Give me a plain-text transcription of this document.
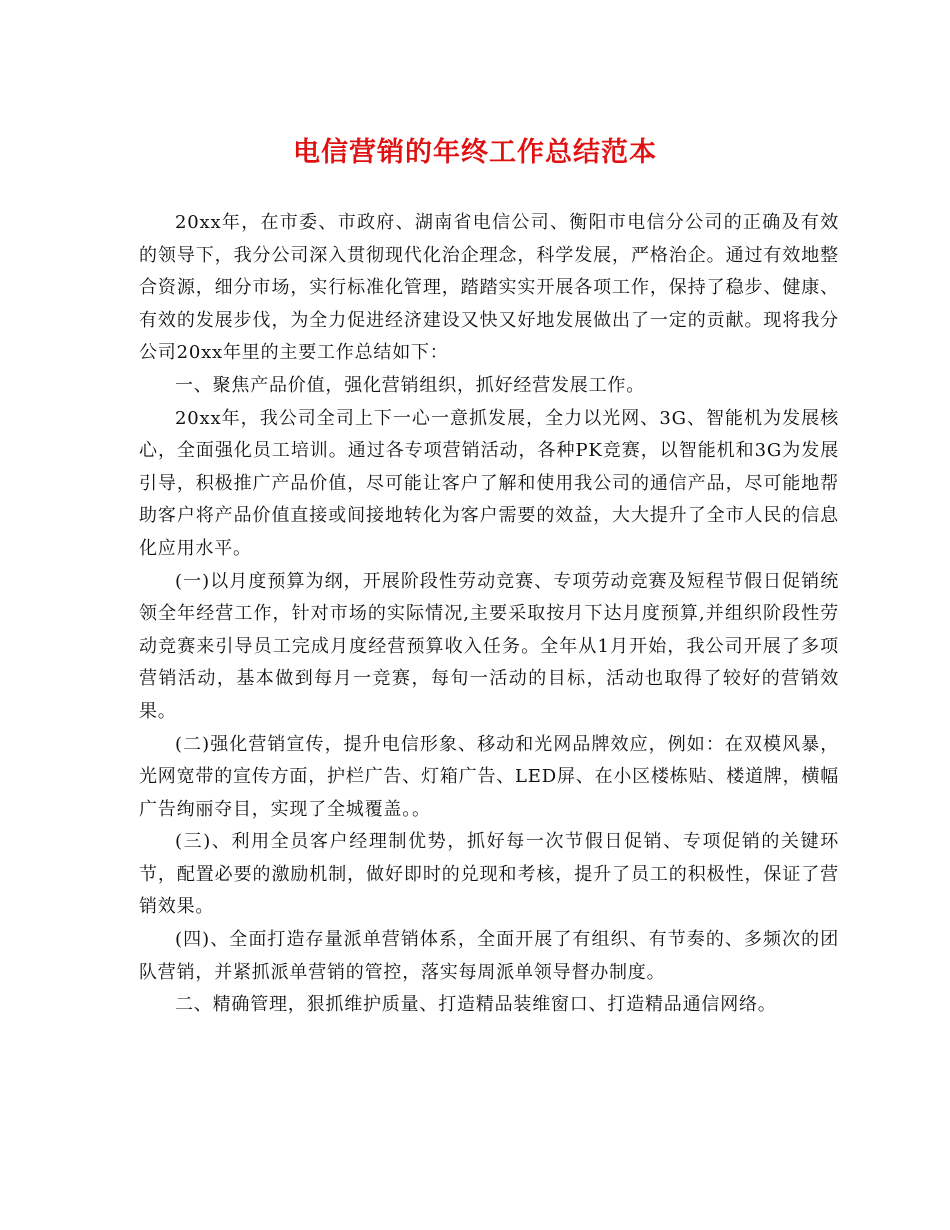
电信营销的年终工作总结范本

20xx年，在市委、市政府、湖南省电信公司、衡阳市电信分公司的正确及有效的领导下，我分公司深入贯彻现代化治企理念，科学发展，严格治企。通过有效地整合资源，细分市场，实行标准化管理，踏踏实实开展各项工作，保持了稳步、健康、有效的发展步伐，为全力促进经济建设又快又好地发展做出了一定的贡献。现将我分公司20xx年里的主要工作总结如下：

一、聚焦产品价值，强化营销组织，抓好经营发展工作。

20xx年，我公司全司上下一心一意抓发展，全力以光网、3G、智能机为发展核心，全面强化员工培训。通过各专项营销活动，各种PK竞赛，以智能机和3G为发展引导，积极推广产品价值，尽可能让客户了解和使用我公司的通信产品，尽可能地帮助客户将产品价值直接或间接地转化为客户需要的效益，大大提升了全市人民的信息化应用水平。

(一)以月度预算为纲，开展阶段性劳动竞赛、专项劳动竞赛及短程节假日促销统领全年经营工作，针对市场的实际情况,主要采取按月下达月度预算,并组织阶段性劳动竞赛来引导员工完成月度经营预算收入任务。全年从1月开始，我公司开展了多项营销活动，基本做到每月一竞赛，每旬一活动的目标，活动也取得了较好的营销效果。

(二)强化营销宣传，提升电信形象、移动和光网品牌效应，例如：在双模风暴，光网宽带的宣传方面，护栏广告、灯箱广告、LED屏、在小区楼栋贴、楼道牌，横幅广告绚丽夺目，实现了全城覆盖。。

(三)、利用全员客户经理制优势，抓好每一次节假日促销、专项促销的关键环节，配置必要的激励机制，做好即时的兑现和考核，提升了员工的积极性，保证了营销效果。

(四)、全面打造存量派单营销体系，全面开展了有组织、有节奏的、多频次的团队营销，并紧抓派单营销的管控，落实每周派单领导督办制度。

二、精确管理，狠抓维护质量、打造精品装维窗口、打造精品通信网络。
